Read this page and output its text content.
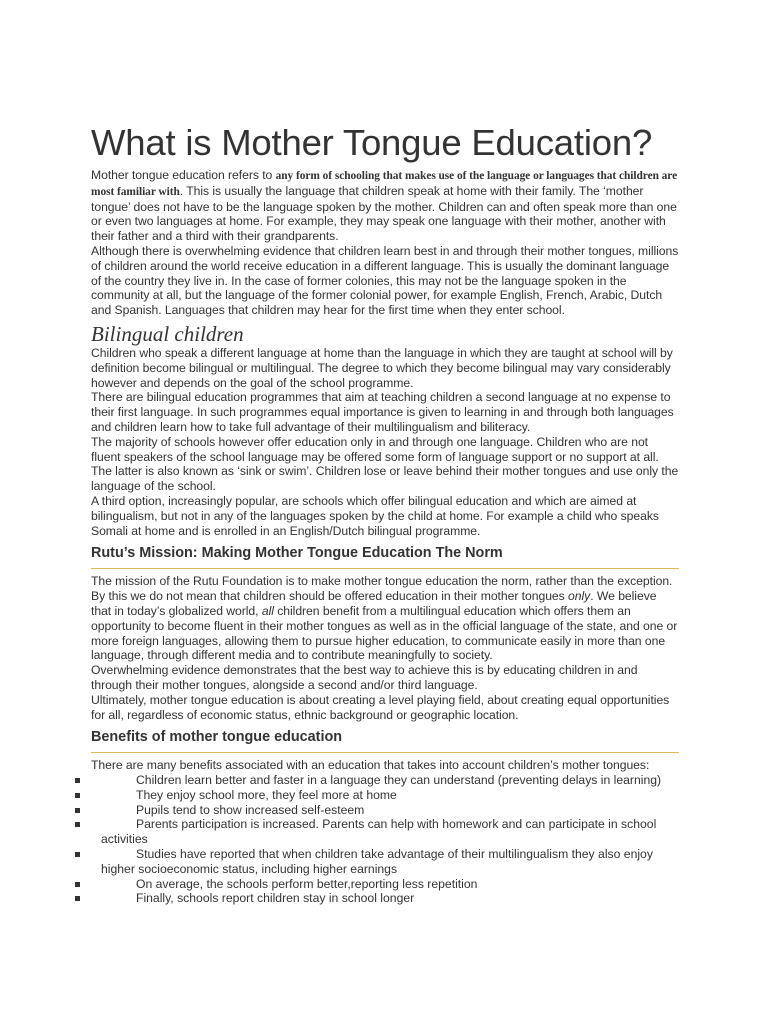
What is Mother Tongue Education?

Mother tongue education refers to any form of schooling that makes use of the language or languages that children are most familiar with. This is usually the language that children speak at home with their family. The ‘mother tongue’ does not have to be the language spoken by the mother. Children can and often speak more than one or even two languages at home. For example, they may speak one language with their mother, another with their father and a third with their grandparents.

Although there is overwhelming evidence that children learn best in and through their mother tongues, millions of children around the world receive education in a different language. This is usually the dominant language of the country they live in. In the case of former colonies, this may not be the language spoken in the community at all, but the language of the former colonial power, for example English, French, Arabic, Dutch and Spanish. Languages that children may hear for the first time when they enter school.

Bilingual children

Children who speak a different language at home than the language in which they are taught at school will by definition become bilingual or multilingual. The degree to which they become bilingual may vary considerably however and depends on the goal of the school programme.

There are bilingual education programmes that aim at teaching children a second language at no expense to their first language. In such programmes equal importance is given to learning in and through both languages and children learn how to take full advantage of their multilingualism and biliteracy.

The majority of schools however offer education only in and through one language. Children who are not fluent speakers of the school language may be offered some form of language support or no support at all. The latter is also known as ‘sink or swim’. Children lose or leave behind their mother tongues and use only the language of the school.

A third option, increasingly popular, are schools which offer bilingual education and which are aimed at bilingualism, but not in any of the languages spoken by the child at home. For example a child who speaks Somali at home and is enrolled in an English/Dutch bilingual programme.

Rutu’s Mission: Making Mother Tongue Education The Norm

The mission of the Rutu Foundation is to make mother tongue education the norm, rather than the exception.

By this we do not mean that children should be offered education in their mother tongues only. We believe that in today’s globalized world, all children benefit from a multilingual education which offers them an opportunity to become fluent in their mother tongues as well as in the official language of the state, and one or more foreign languages, allowing them to pursue higher education, to communicate easily in more than one language, through different media and to contribute meaningfully to society.

Overwhelming evidence demonstrates that the best way to achieve this is by educating children in and through their mother tongues, alongside a second and/or third language.

Ultimately, mother tongue education is about creating a level playing field, about creating equal opportunities for all, regardless of economic status, ethnic background or geographic location.

Benefits of mother tongue education

There are many benefits associated with an education that takes into account children’s mother tongues:

Children learn better and faster in a language they can understand (preventing delays in learning)
They enjoy school more, they feel more at home
Pupils tend to show increased self-esteem
Parents participation is increased. Parents can help with homework and can participate in school activities
Studies have reported that when children take advantage of their multilingualism they also enjoy higher socioeconomic status, including higher earnings
On average, the schools perform better,reporting less repetition
Finally, schools report children stay in school longer
